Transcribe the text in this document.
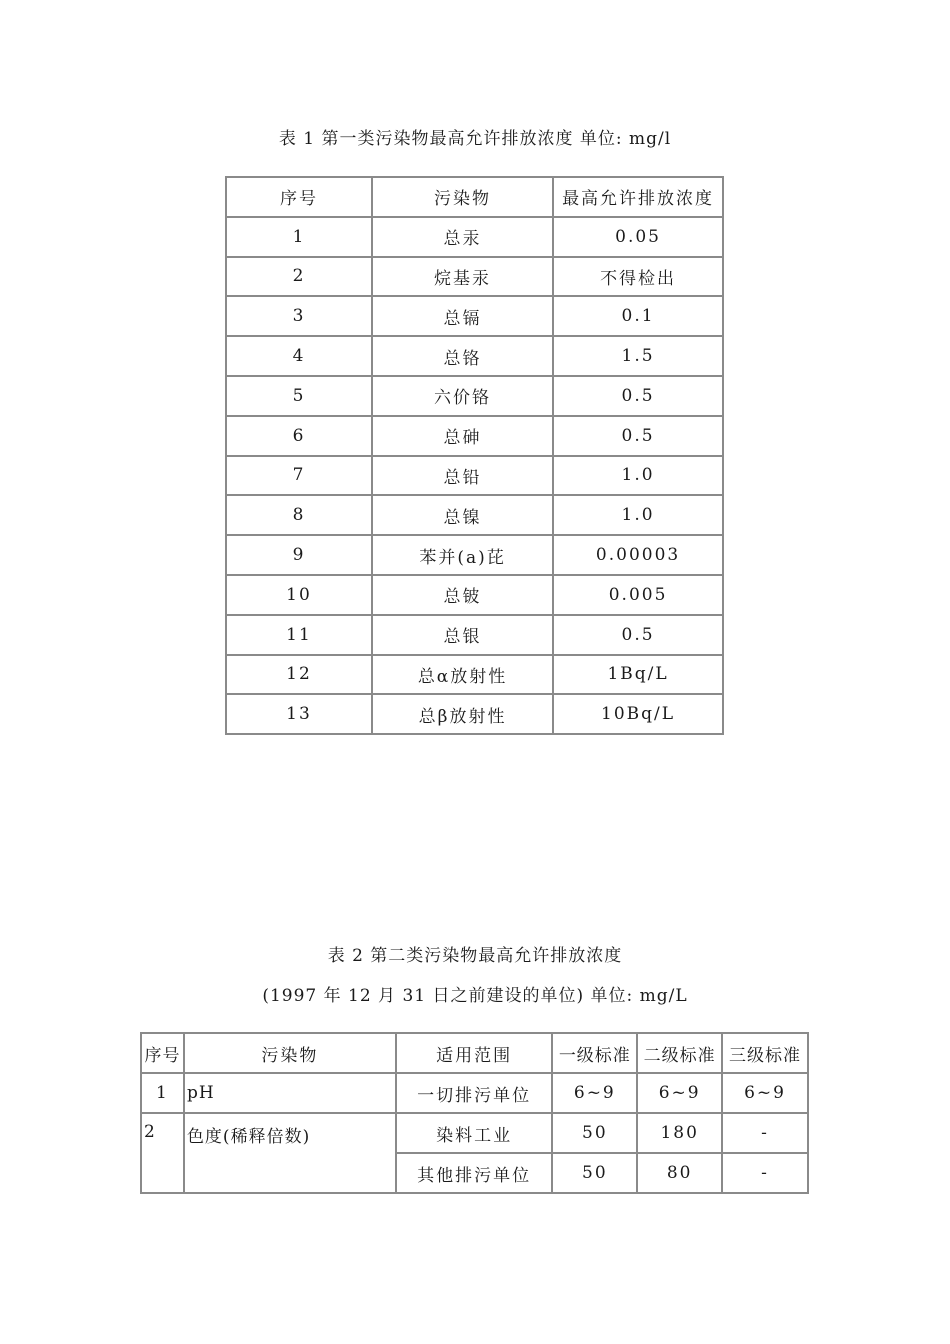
表 1 第一类污染物最高允许排放浓度 单位: mg/l
序号	污染物	最高允许排放浓度
1	总汞	0.05
2	烷基汞	不得检出
3	总镉	0.1
4	总铬	1.5
5	六价铬	0.5
6	总砷	0.5
7	总铅	1.0
8	总镍	1.0
9	苯并(a)芘	0.00003
10	总铍	0.005
11	总银	0.5
12	总α放射性	1Bq/L
13	总β放射性	10Bq/L
表 2 第二类污染物最高允许排放浓度
(1997 年 12 月 31 日之前建设的单位) 单位: mg/L
序号	污染物	适用范围	一级标准	二级标准	三级标准
1	pH	一切排污单位	6~9	6~9	6~9
2	色度(稀释倍数)	染料工业	50	180	-
		其他排污单位	50	80	-
